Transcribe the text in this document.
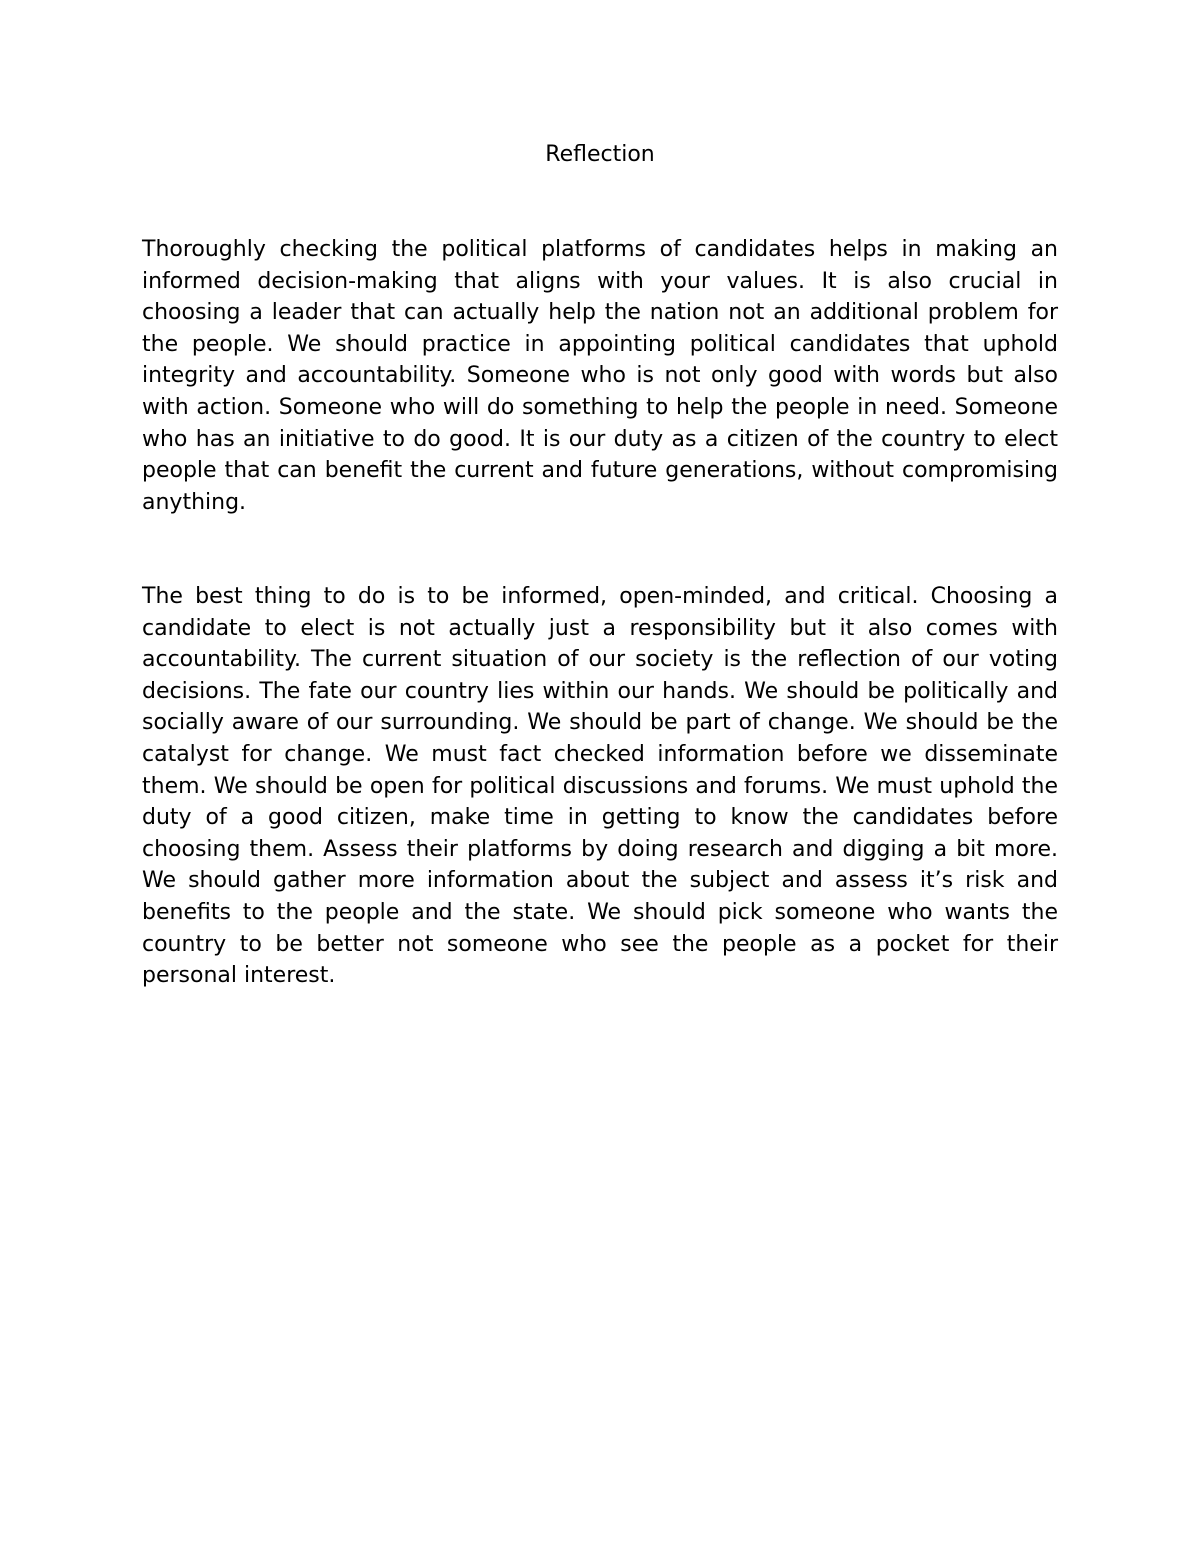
Reflection

Thoroughly checking the political platforms of candidates helps in making an informed decision-making that aligns with your values. It is also crucial in choosing a leader that can actually help the nation not an additional problem for the people. We should practice in appointing political candidates that uphold integrity and accountability. Someone who is not only good with words but also with action. Someone who will do something to help the people in need. Someone who has an initiative to do good. It is our duty as a citizen of the country to elect people that can benefit the current and future generations, without compromising anything.

The best thing to do is to be informed, open-minded, and critical. Choosing a candidate to elect is not actually just a responsibility but it also comes with accountability. The current situation of our society is the reflection of our voting decisions. The fate our country lies within our hands. We should be politically and socially aware of our surrounding. We should be part of change. We should be the catalyst for change. We must fact checked information before we disseminate them. We should be open for political discussions and forums. We must uphold the duty of a good citizen, make time in getting to know the candidates before choosing them. Assess their platforms by doing research and digging a bit more. We should gather more information about the subject and assess it’s risk and benefits to the people and the state. We should pick someone who wants the country to be better not someone who see the people as a pocket for their personal interest.
